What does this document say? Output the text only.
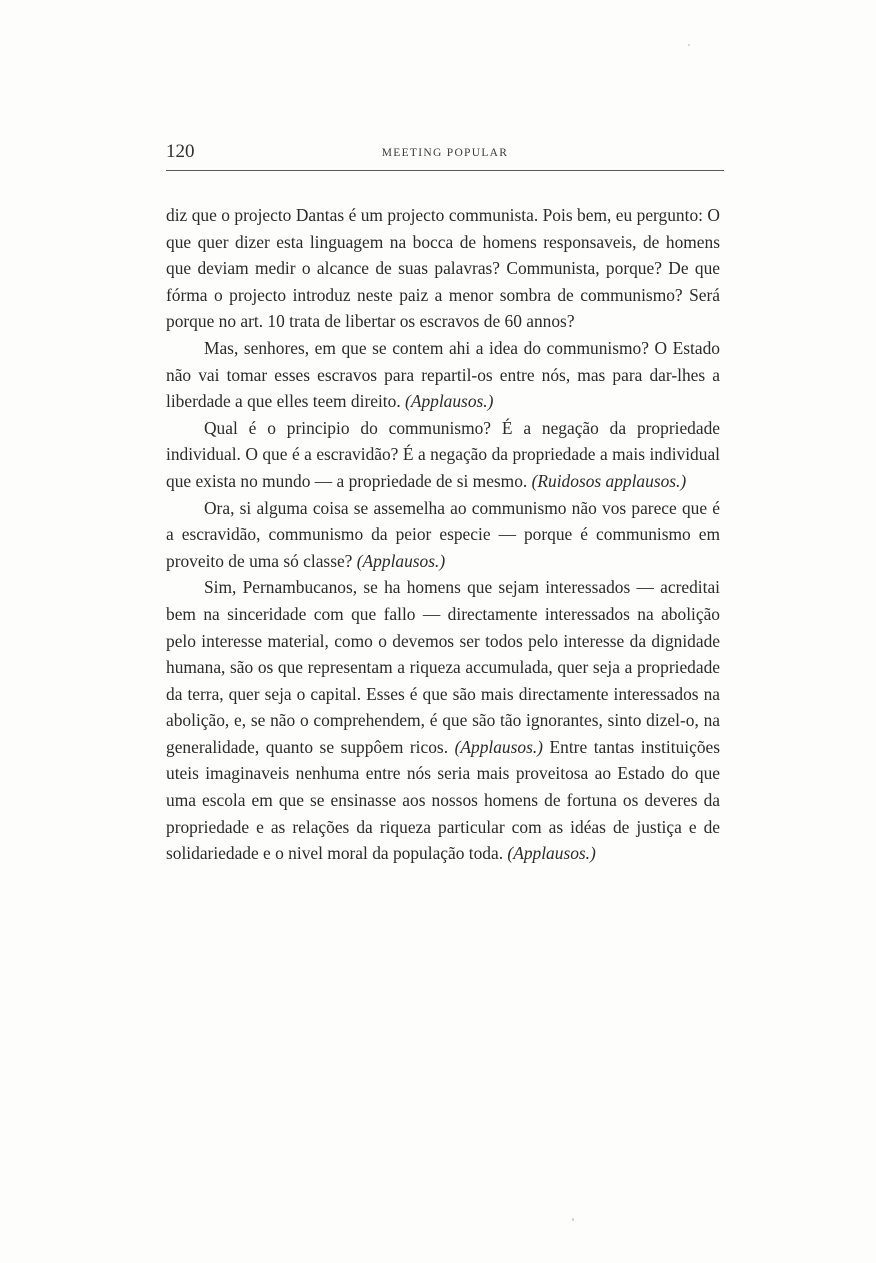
120	MEETING POPULAR

diz que o projecto Dantas é um projecto communista. Pois bem, eu pergunto: O que quer dizer esta linguagem na bocca de homens responsaveis, de homens que deviam medir o alcance de suas palavras? Communista, porque? De que fórma o projecto introduz neste paiz a menor sombra de communismo? Será porque no art. 10 trata de libertar os escravos de 60 annos?

Mas, senhores, em que se contem ahi a idea do communismo? O Estado não vai tomar esses escravos para repartil-os entre nós, mas para dar-lhes a liberdade a que elles teem direito. (Applausos.)

Qual é o principio do communismo? É a negação da propriedade individual. O que é a escravidão? É a negação da propriedade a mais individual que exista no mundo — a propriedade de si mesmo. (Ruidosos applausos.)

Ora, si alguma coisa se assemelha ao communismo não vos parece que é a escravidão, communismo da peior especie — porque é communismo em proveito de uma só classe? (Applausos.)

Sim, Pernambucanos, se ha homens que sejam interessados — acreditai bem na sinceridade com que fallo — directamente interessados na abolição pelo interesse material, como o devemos ser todos pelo interesse da dignidade humana, são os que representam a riqueza accumulada, quer seja a propriedade da terra, quer seja o capital. Esses é que são mais directamente interessados na abolição, e, se não o comprehendem, é que são tão ignorantes, sinto dizel-o, na generalidade, quanto se suppôem ricos. (Applausos.) Entre tantas instituições uteis imaginaveis nenhuma entre nós seria mais proveitosa ao Estado do que uma escola em que se ensinasse aos nossos homens de fortuna os deveres da propriedade e as relações da riqueza particular com as idéas de justiça e de solidariedade e o nivel moral da população toda. (Applausos.)
